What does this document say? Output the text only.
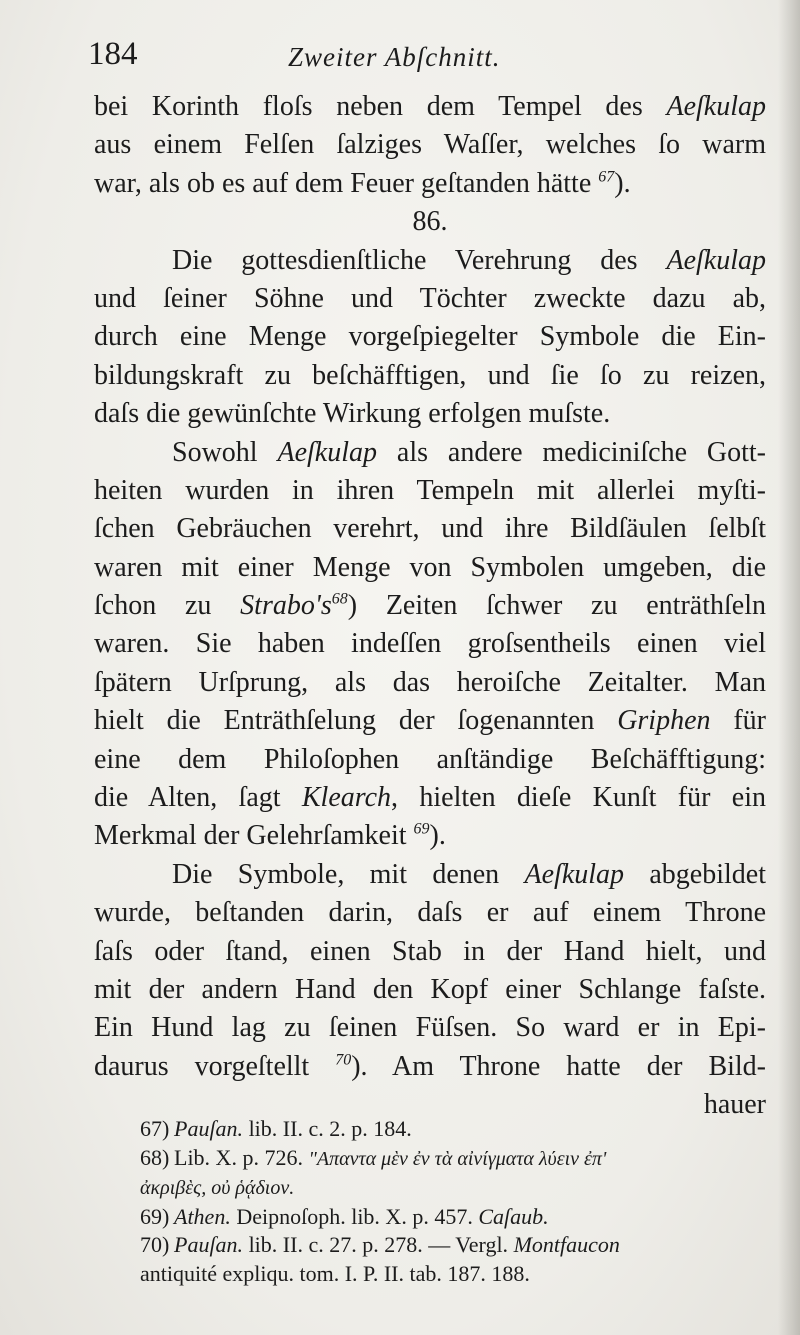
184	Zweiter Abſchnitt.
bei Korinth floſs neben dem Tempel des Aeſkulap
aus einem Felſen ſalziges Waſſer, welches ſo warm
war, als ob es auf dem Feuer geſtanden hätte $^{67}$).
86.
Die gottesdienſtliche Verehrung des Aeſkulap
und ſeiner Söhne und Töchter zweckte dazu ab,
durch eine Menge vorgeſpiegelter Symbole die Ein-
bildungskraft zu beſchäfftigen, und ſie ſo zu reizen,
daſs die gewünſchte Wirkung erfolgen muſste.
Sowohl Aeſkulap als andere mediciniſche Gott-
heiten wurden in ihren Tempeln mit allerlei myſti-
ſchen Gebräuchen verehrt, und ihre Bildſäulen ſelbſt
waren mit einer Menge von Symbolen umgeben, die
ſchon zu $Strabo's^{68}$) Zeiten ſchwer zu enträthſeln
waren. Sie haben indeſſen groſsentheils einen viel
ſpätern Urſprung, als das heroiſche Zeitalter. Man
hielt die Enträthſelung der ſogenannten Griphen für
eine dem Philoſophen anſtändige Beſchäfftigung:
die Alten, ſagt Klearch, hielten dieſe Kunſt für ein
Merkmal der Gelehrſamkeit $^{69}$).
Die Symbole, mit denen Aeſkulap abgebildet
wurde, beſtanden darin, daſs er auf einem Throne
ſaſs oder ſtand, einen Stab in der Hand hielt, und
mit der andern Hand den Kopf einer Schlange faſste.
Ein Hund lag zu ſeinen Füſsen. So ward er in Epi-
daurus vorgeſtellt $^{70}$). Am Throne hatte der Bild-
hauer
67) Pauſan. lib. II. c. 2. p. 184.
68) Lib. X. p. 726. "Απαντα μὲν ἐν τὰ αἰνίγματα λύειν ἐπ'
ἀκριβὲς, οὐ ῥᾴδιον.
69) Athen. Deipnoſoph. lib. X. p. 457. Caſaub.
70) Pauſan. lib. II. c. 27. p. 278. — Vergl. Montfaucon
antiquité expliqu. tom. I. P. II. tab. 187. 188.
